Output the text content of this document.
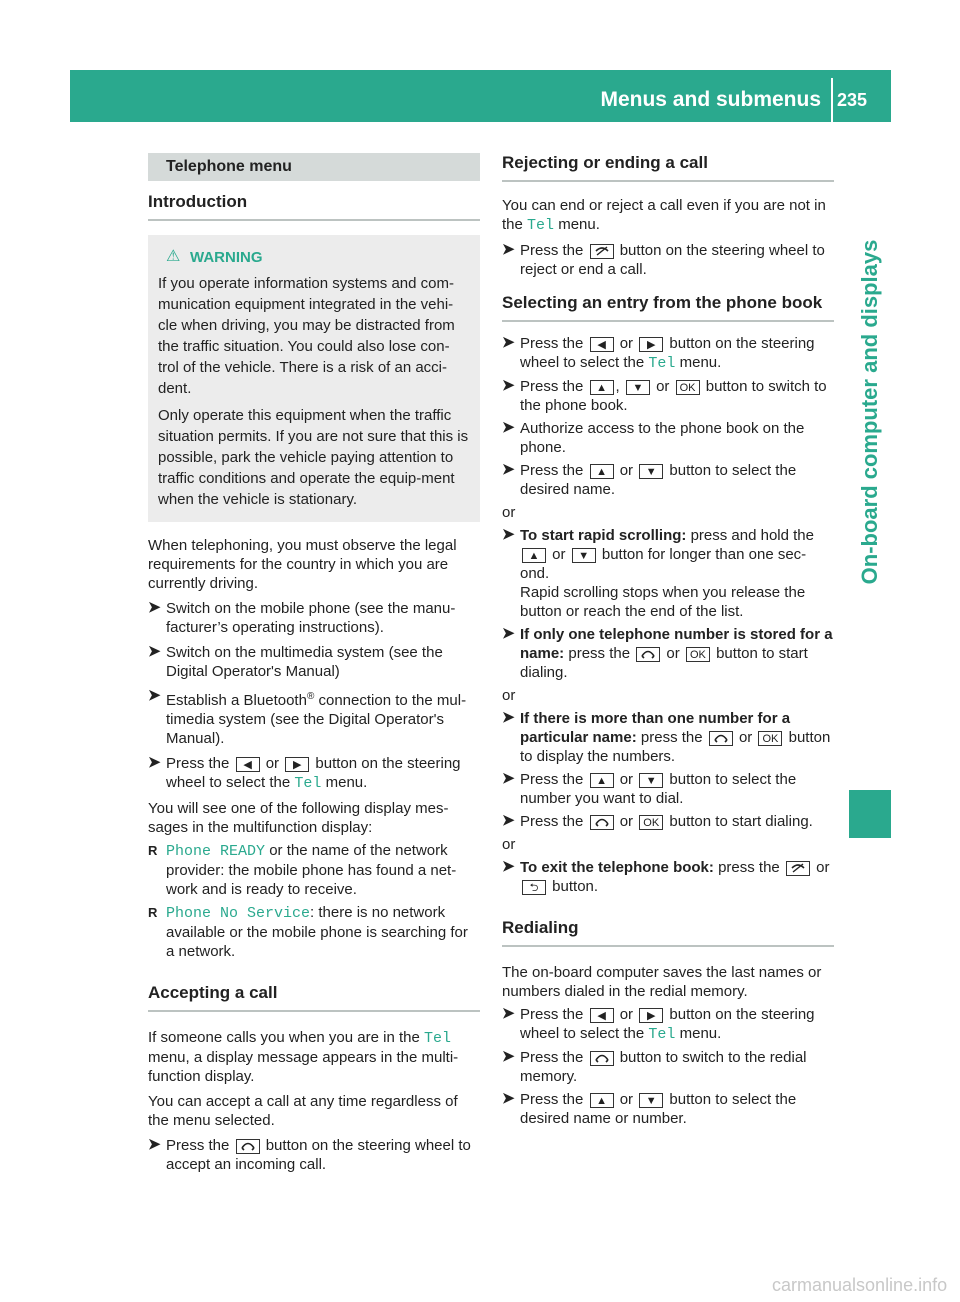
Menus and submenus 235
On-board computer and displays
Telephone menu
Introduction
⚠ WARNING

If you operate information systems and com-munication equipment integrated in the vehi-cle when driving, you may be distracted from the traffic situation. You could also lose con-trol of the vehicle. There is a risk of an acci-dent.

Only operate this equipment when the traffic situation permits. If you are not sure that this is possible, park the vehicle paying attention to traffic conditions and operate the equip-ment when the vehicle is stationary.

When telephoning, you must observe the legal requirements for the country in which you are currently driving.

➤ Switch on the mobile phone (see the manu-facturer’s operating instructions).
➤ Switch on the multimedia system (see the Digital Operator's Manual)
➤ Establish a Bluetooth® connection to the mul-timedia system (see the Digital Operator's Manual).
➤ Press the ◀ or ▶ button on the steering wheel to select the Tel menu.

You will see one of the following display mes-sages in the multifunction display:

R Phone READY or the name of the network provider: the mobile phone has found a net-work and is ready to receive.
R Phone No Service: there is no network available or the mobile phone is searching for a network.
Accepting a call

If someone calls you when you are in the Tel menu, a display message appears in the multi-function display.

You can accept a call at any time regardless of the menu selected.

➤ Press the button on the steering wheel to accept an incoming call.
Rejecting or ending a call

You can end or reject a call even if you are not in the Tel menu.

➤ Press the button on the steering wheel to reject or end a call.
Selecting an entry from the phone book
➤ Press the ◀ or ▶ button on the steering wheel to select the Tel menu.
➤ Press the ▲ , ▼ or OK button to switch to the phone book.
➤ Authorize access to the phone book on the phone.
➤ Press the ▲ or ▼ button to select the desired name.

or

➤ To start rapid scrolling: press and hold the ▲ or ▼ button for longer than one sec-ond.
Rapid scrolling stops when you release the button or reach the end of the list.
➤ If only one telephone number is stored for a name: press the or OK button to start dialing.

or

➤ If there is more than one number for a particular name: press the or OK button to display the numbers.
➤ Press the ▲ or ▼ button to select the number you want to dial.
➤ Press the or OK button to start dialing.

or

➤ To exit the telephone book: press the or ⮌ button.
Redialing

The on-board computer saves the last names or numbers dialed in the redial memory.

➤ Press the ◀ or ▶ button on the steering wheel to select the Tel menu.
➤ Press the button to switch to the redial memory.
➤ Press the ▲ or ▼ button to select the desired name or number.
carmanualsonline.info
